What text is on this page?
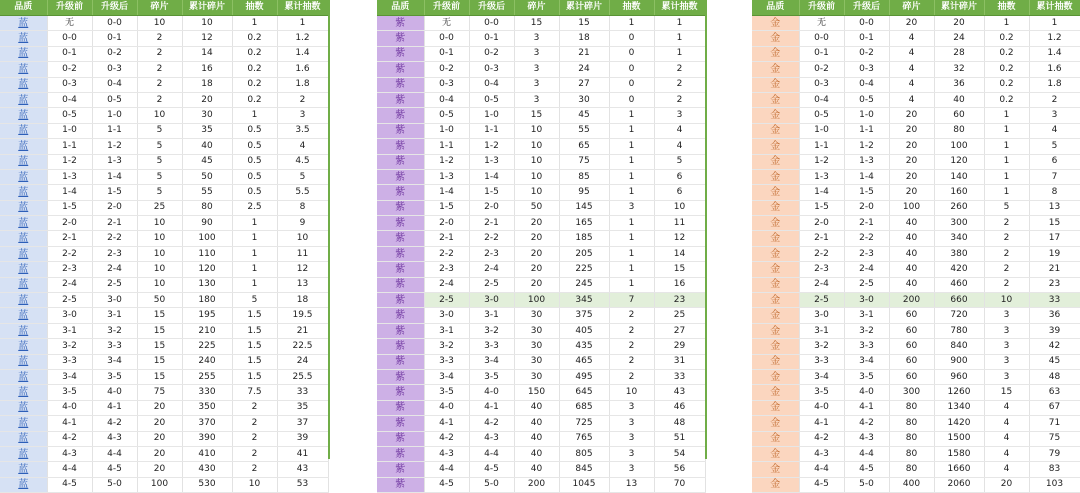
品质	升级前	升级后	碎片	累计碎片	抽数	累计抽数
蓝	无	0-0	10	10	1	1
蓝	0-0	0-1	2	12	0.2	1.2
蓝	0-1	0-2	2	14	0.2	1.4
蓝	0-2	0-3	2	16	0.2	1.6
蓝	0-3	0-4	2	18	0.2	1.8
蓝	0-4	0-5	2	20	0.2	2
蓝	0-5	1-0	10	30	1	3
蓝	1-0	1-1	5	35	0.5	3.5
蓝	1-1	1-2	5	40	0.5	4
蓝	1-2	1-3	5	45	0.5	4.5
蓝	1-3	1-4	5	50	0.5	5
蓝	1-4	1-5	5	55	0.5	5.5
蓝	1-5	2-0	25	80	2.5	8
蓝	2-0	2-1	10	90	1	9
蓝	2-1	2-2	10	100	1	10
蓝	2-2	2-3	10	110	1	11
蓝	2-3	2-4	10	120	1	12
蓝	2-4	2-5	10	130	1	13
蓝	2-5	3-0	50	180	5	18
蓝	3-0	3-1	15	195	1.5	19.5
蓝	3-1	3-2	15	210	1.5	21
蓝	3-2	3-3	15	225	1.5	22.5
蓝	3-3	3-4	15	240	1.5	24
蓝	3-4	3-5	15	255	1.5	25.5
蓝	3-5	4-0	75	330	7.5	33
蓝	4-0	4-1	20	350	2	35
蓝	4-1	4-2	20	370	2	37
蓝	4-2	4-3	20	390	2	39
蓝	4-3	4-4	20	410	2	41
蓝	4-4	4-5	20	430	2	43
蓝	4-5	5-0	100	530	10	53
品质	升级前	升级后	碎片	累计碎片	抽数	累计抽数
紫	无	0-0	15	15	1	1
紫	0-0	0-1	3	18	0	1
紫	0-1	0-2	3	21	0	1
紫	0-2	0-3	3	24	0	2
紫	0-3	0-4	3	27	0	2
紫	0-4	0-5	3	30	0	2
紫	0-5	1-0	15	45	1	3
紫	1-0	1-1	10	55	1	4
紫	1-1	1-2	10	65	1	4
紫	1-2	1-3	10	75	1	5
紫	1-3	1-4	10	85	1	6
紫	1-4	1-5	10	95	1	6
紫	1-5	2-0	50	145	3	10
紫	2-0	2-1	20	165	1	11
紫	2-1	2-2	20	185	1	12
紫	2-2	2-3	20	205	1	14
紫	2-3	2-4	20	225	1	15
紫	2-4	2-5	20	245	1	16
紫	2-5	3-0	100	345	7	23
紫	3-0	3-1	30	375	2	25
紫	3-1	3-2	30	405	2	27
紫	3-2	3-3	30	435	2	29
紫	3-3	3-4	30	465	2	31
紫	3-4	3-5	30	495	2	33
紫	3-5	4-0	150	645	10	43
紫	4-0	4-1	40	685	3	46
紫	4-1	4-2	40	725	3	48
紫	4-2	4-3	40	765	3	51
紫	4-3	4-4	40	805	3	54
紫	4-4	4-5	40	845	3	56
紫	4-5	5-0	200	1045	13	70
品质	升级前	升级后	碎片	累计碎片	抽数	累计抽数
金	无	0-0	20	20	1	1
金	0-0	0-1	4	24	0.2	1.2
金	0-1	0-2	4	28	0.2	1.4
金	0-2	0-3	4	32	0.2	1.6
金	0-3	0-4	4	36	0.2	1.8
金	0-4	0-5	4	40	0.2	2
金	0-5	1-0	20	60	1	3
金	1-0	1-1	20	80	1	4
金	1-1	1-2	20	100	1	5
金	1-2	1-3	20	120	1	6
金	1-3	1-4	20	140	1	7
金	1-4	1-5	20	160	1	8
金	1-5	2-0	100	260	5	13
金	2-0	2-1	40	300	2	15
金	2-1	2-2	40	340	2	17
金	2-2	2-3	40	380	2	19
金	2-3	2-4	40	420	2	21
金	2-4	2-5	40	460	2	23
金	2-5	3-0	200	660	10	33
金	3-0	3-1	60	720	3	36
金	3-1	3-2	60	780	3	39
金	3-2	3-3	60	840	3	42
金	3-3	3-4	60	900	3	45
金	3-4	3-5	60	960	3	48
金	3-5	4-0	300	1260	15	63
金	4-0	4-1	80	1340	4	67
金	4-1	4-2	80	1420	4	71
金	4-2	4-3	80	1500	4	75
金	4-3	4-4	80	1580	4	79
金	4-4	4-5	80	1660	4	83
金	4-5	5-0	400	2060	20	103
